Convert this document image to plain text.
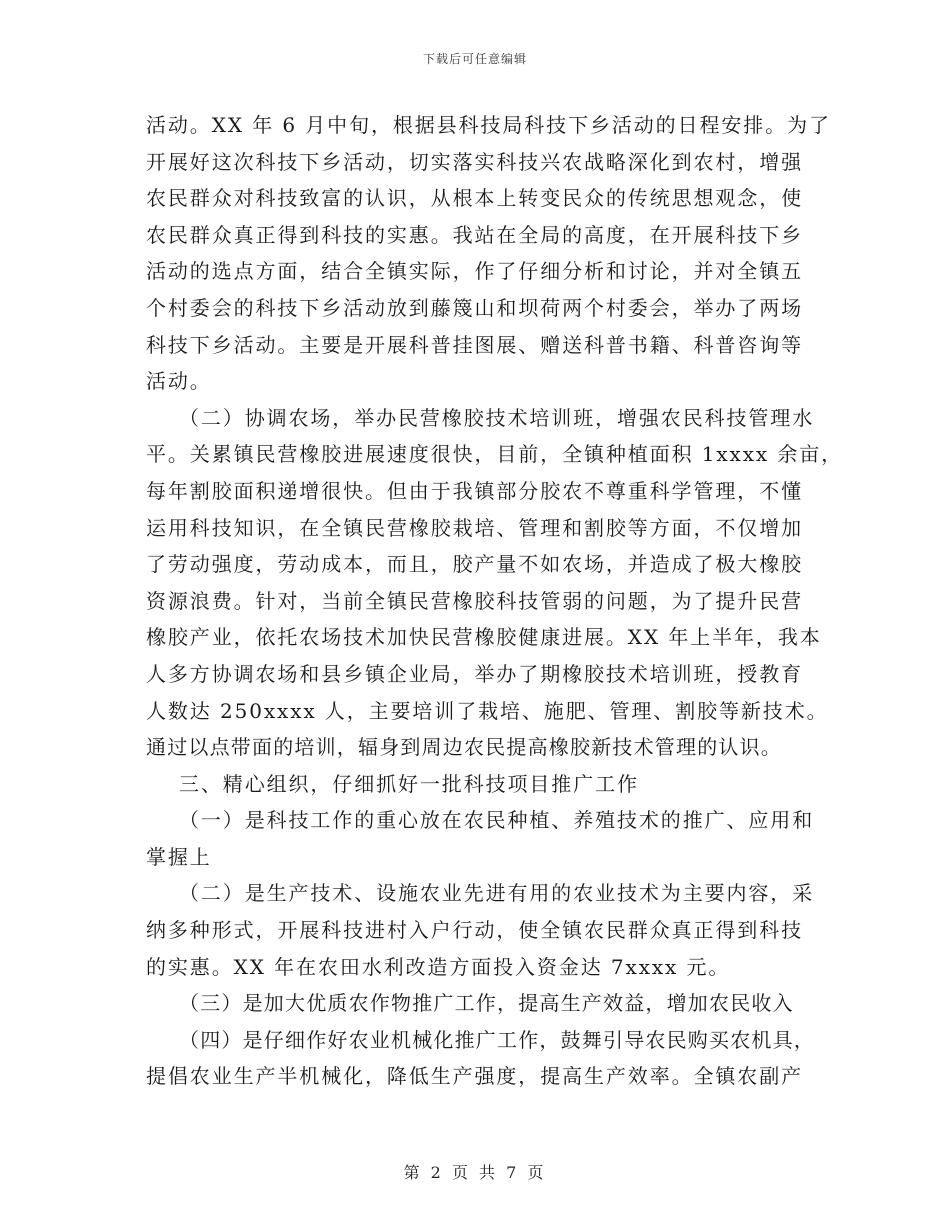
下载后可任意编辑
活动。XX 年 6 月中旬，根据县科技局科技下乡活动的日程安排。为了
开展好这次科技下乡活动，切实落实科技兴农战略深化到农村，增强
农民群众对科技致富的认识，从根本上转变民众的传统思想观念，使
农民群众真正得到科技的实惠。我站在全局的高度，在开展科技下乡
活动的选点方面，结合全镇实际，作了仔细分析和讨论，并对全镇五
个村委会的科技下乡活动放到藤篾山和坝荷两个村委会，举办了两场
科技下乡活动。主要是开展科普挂图展、赠送科普书籍、科普咨询等
活动。
（二）协调农场，举办民营橡胶技术培训班，增强农民科技管理水
平。关累镇民营橡胶进展速度很快，目前，全镇种植面积 1xxxx 余亩，
每年割胶面积递增很快。但由于我镇部分胶农不尊重科学管理，不懂
运用科技知识，在全镇民营橡胶栽培、管理和割胶等方面，不仅增加
了劳动强度，劳动成本，而且，胶产量不如农场，并造成了极大橡胶
资源浪费。针对，当前全镇民营橡胶科技管弱的问题，为了提升民营
橡胶产业，依托农场技术加快民营橡胶健康进展。XX 年上半年，我本
人多方协调农场和县乡镇企业局，举办了期橡胶技术培训班，授教育
人数达 250xxxx 人，主要培训了栽培、施肥、管理、割胶等新技术。
通过以点带面的培训，辐身到周边农民提高橡胶新技术管理的认识。
三、精心组织，仔细抓好一批科技项目推广工作
（一）是科技工作的重心放在农民种植、养殖技术的推广、应用和
掌握上
（二）是生产技术、设施农业先进有用的农业技术为主要内容，采
纳多种形式，开展科技进村入户行动，使全镇农民群众真正得到科技
的实惠。XX 年在农田水利改造方面投入资金达 7xxxx 元。
（三）是加大优质农作物推广工作，提高生产效益，增加农民收入
（四）是仔细作好农业机械化推广工作，鼓舞引导农民购买农机具，
提倡农业生产半机械化，降低生产强度，提高生产效率。全镇农副产
第 2 页 共 7 页
